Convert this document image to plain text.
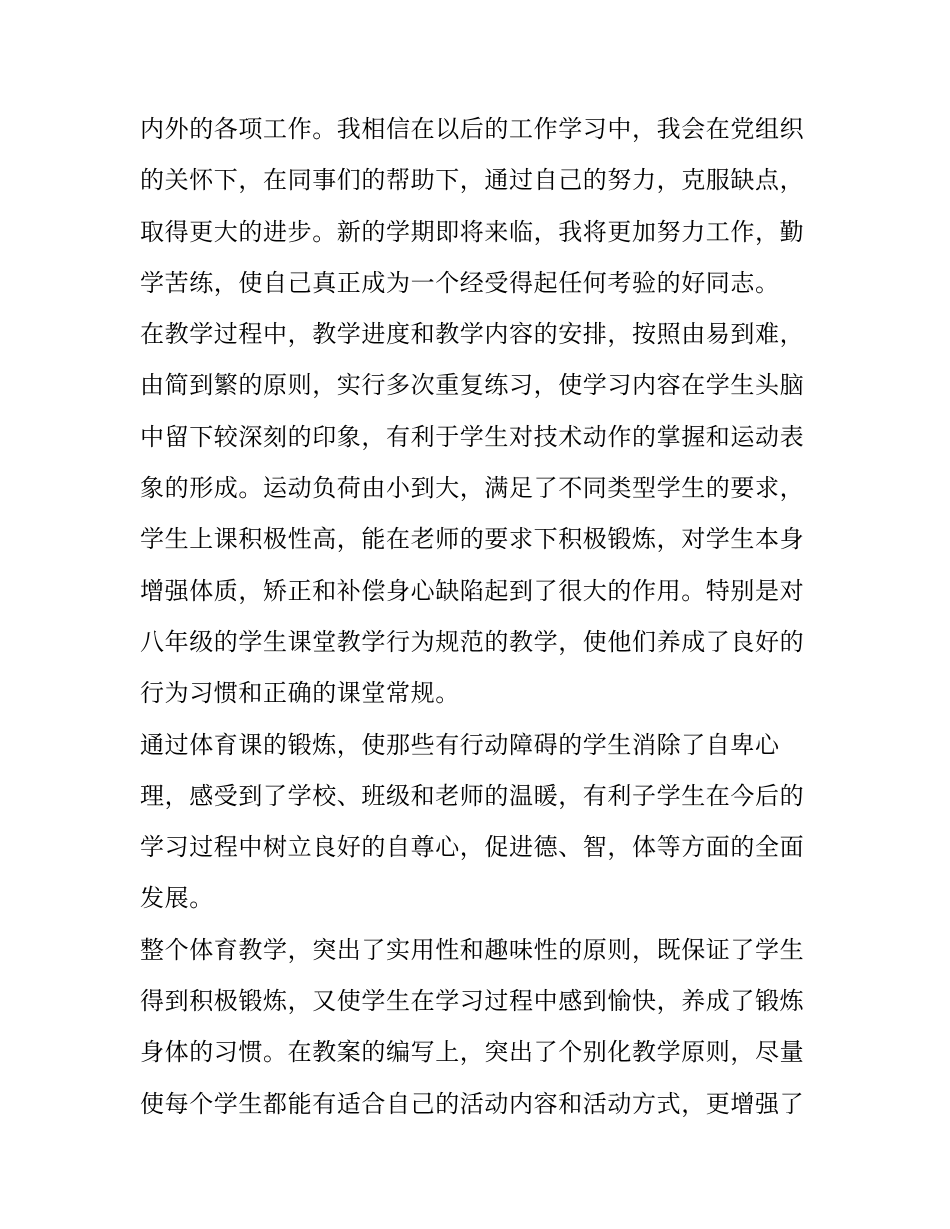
内外的各项工作。我相信在以后的工作学习中，我会在党组织
的关怀下，在同事们的帮助下，通过自己的努力，克服缺点，
取得更大的进步。新的学期即将来临，我将更加努力工作，勤
学苦练，使自己真正成为一个经受得起任何考验的好同志。
在教学过程中，教学进度和教学内容的安排，按照由易到难，
由简到繁的原则，实行多次重复练习，使学习内容在学生头脑
中留下较深刻的印象，有利于学生对技术动作的掌握和运动表
象的形成。运动负荷由小到大，满足了不同类型学生的要求，
学生上课积极性高，能在老师的要求下积极锻炼，对学生本身
增强体质，矫正和补偿身心缺陷起到了很大的作用。特别是对
八年级的学生课堂教学行为规范的教学，使他们养成了良好的
行为习惯和正确的课堂常规。
通过体育课的锻炼，使那些有行动障碍的学生消除了自卑心
理，感受到了学校、班级和老师的温暖，有利子学生在今后的
学习过程中树立良好的自尊心，促进德、智，体等方面的全面
发展。
整个体育教学，突出了实用性和趣味性的原则，既保证了学生
得到积极锻炼，又使学生在学习过程中感到愉快，养成了锻炼
身体的习惯。在教案的编写上，突出了个别化教学原则，尽量
使每个学生都能有适合自己的活动内容和活动方式，更增强了
